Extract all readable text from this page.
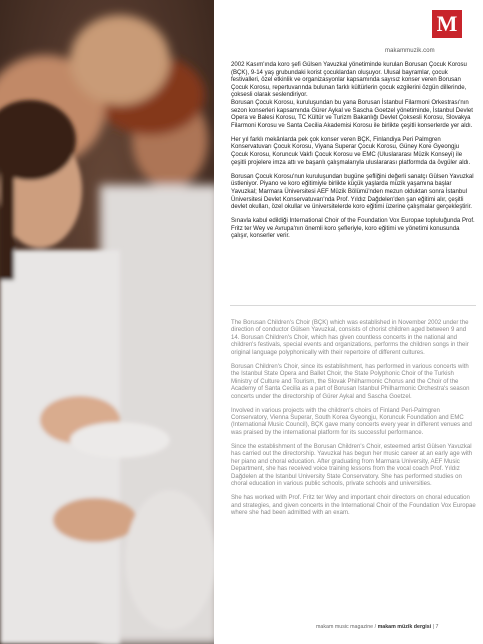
M
makammuzik.com

2002 Kasım'ında koro şefi Gülsen Yavuzkal yönetiminde kurulan Borusan Çocuk Korosu (BÇK), 9-14 yaş grubundaki korist çocuklardan oluşuyor. Ulusal bayramlar, çocuk festivalleri, özel etkinlik ve organizasyonlar kapsamında sayısız konser veren Borusan Çocuk Korosu, repertuvarında bulunan farklı kültürlerin çocuk ezgilerini özgün dillerinde, çoksesli olarak seslendiriyor.

Borusan Çocuk Korosu, kuruluşundan bu yana Borusan İstanbul Filarmoni Orkestrası'nın sezon konserleri kapsamında Gürer Aykal ve Sascha Goetzel yönetiminde, İstanbul Devlet Opera ve Balesi Korosu, TC Kültür ve Turizm Bakanlığı Devlet Çoksesli Korosu, Slovakya Filarmoni Korosu ve Santa Cecilia Akademisi Korosu ile birlikte çeşitli konserlerde yer aldı.

Her yıl farklı mekânlarda pek çok konser veren BÇK, Finlandiya Peri Palmgren Konservatuvarı Çocuk Korosu, Viyana Superar Çocuk Korosu, Güney Kore Gyeongju Çocuk Korosu, Koruncuk Vakfı Çocuk Korosu ve EMC (Uluslararası Müzik Konseyi) ile çeşitli projelere imza attı ve başarılı çalışmalarıyla uluslararası platformda da övgüler aldı.

Borusan Çocuk Korosu'nun kuruluşundan bugüne şefliğini değerli sanatçı Gülsen Yavuzkal üstleniyor. Piyano ve koro eğitimiyle birlikte küçük yaşlarda müzik yaşamına başlar Yavuzkal; Marmara Üniversitesi AEF Müzik Bölümü'nden mezun olduktan sonra İstanbul Üniversitesi Devlet Konservatuvarı'nda Prof. Yıldız Dağdelen'den şan eğitimi alır, çeşitli devlet okulları, özel okullar ve üniversitelerde koro eğitimi üzerine çalışmalar gerçekleştirir.

Sınavla kabul edildiği International Choir of the Foundation Vox Europae topluluğunda Prof. Fritz ter Wey ve Avrupa'nın önemli koro şefleriyle, koro eğitimi ve yönetimi konusunda çalışır, konserler verir.

The Borusan Children's Choir (BÇK) which was established in November 2002 under the direction of conductor Gülsen Yavuzkal, consists of chorist children aged between 9 and 14. Borusan Children's Choir, which has given countless concerts in the national and children's festivals, special events and organizations, performs the children songs in their original language polyphonically with their repertoire of different cultures.

Borusan Children's Choir, since its establishment, has performed in various concerts with the Istanbul State Opera and Ballet Choir, the State Polyphonic Choir of the Turkish Ministry of Culture and Tourism, the Slovak Philharmonic Chorus and the Choir of the Academy of Santa Cecilia as a part of Borusan Istanbul Philharmonic Orchestra's season concerts under the directorship of Gürer Aykal and Sascha Goetzel.

Involved in various projects with the children's choirs of Finland Peri-Palmgren Conservatory, Vienna Superar, South Korea Gyeongju, Koruncuk Foundation and EMC (International Music Council), BÇK gave many concerts every year in different venues and was praised by the international platform for its successful performance.

Since the establishment of the Borusan Children's Choir, esteemed artist Gülsen Yavuzkal has carried out the directorship. Yavuzkal has begun her music career at an early age with her piano and choral education. After graduating from Marmara University, AEF Music Department, she has received voice training lessons from the vocal coach Prof. Yıldız Dağdelen at the Istanbul University State Conservatory. She has performed studies on choral education in various public schools, private schools and universities.

She has worked with Prof. Fritz ter Wey and important choir directors on choral education and strategies, and given concerts in the International Choir of the Foundation Vox Europae where she had been admitted with an exam.

makam music magazine / makam müzik dergisi | 7
